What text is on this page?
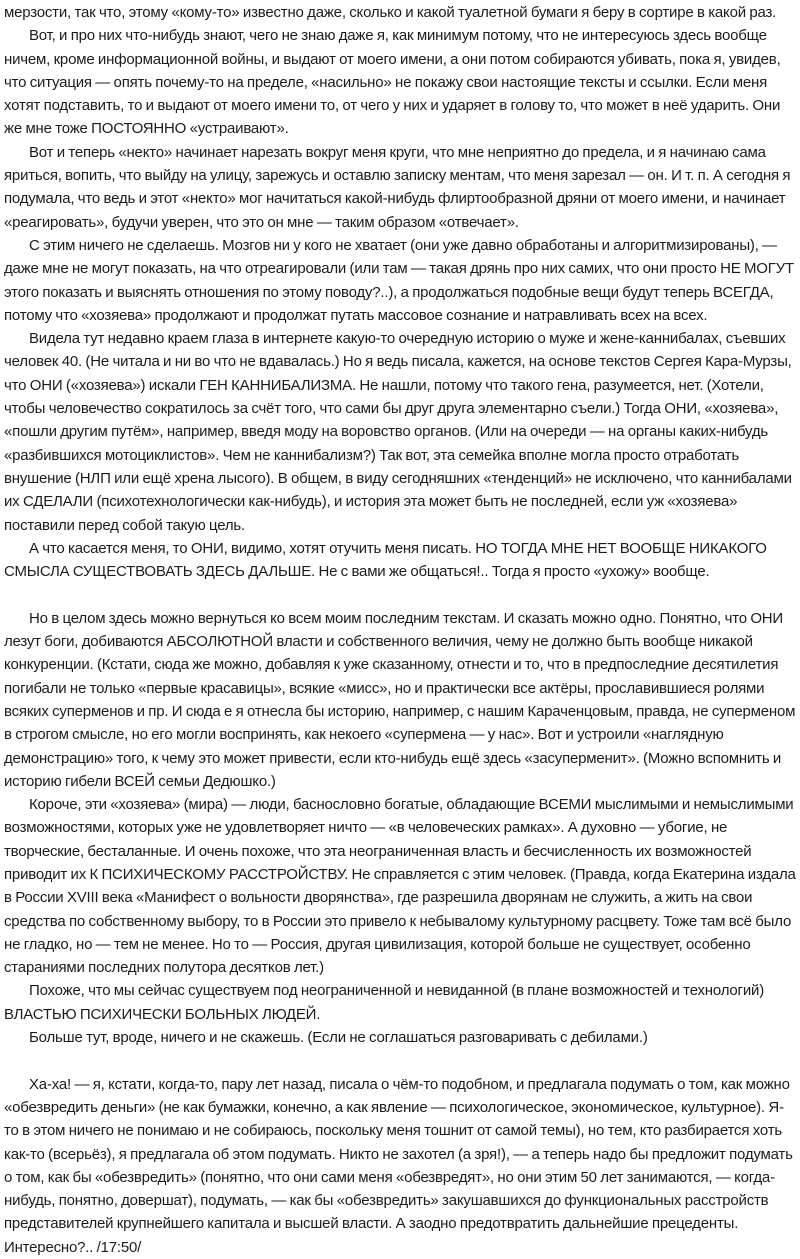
мерзости, так что, этому «кому-то» известно даже, сколько и какой туалетной бумаги я беру в сортире в какой раз.

Вот, и про них что-нибудь знают, чего не знаю даже я, как минимум потому, что не интересуюсь здесь вообще ничем, кроме информационной войны, и выдают от моего имени, а они потом собираются убивать, пока я, увидев, что ситуация — опять почему-то на пределе, «насильно» не покажу свои настоящие тексты и ссылки. Если меня хотят подставить, то и выдают от моего имени то, от чего у них и ударяет в голову то, что может в неё ударить. Они же мне тоже ПОСТОЯННО «устраивают».

Вот и теперь «некто» начинает нарезать вокруг меня круги, что мне неприятно до предела, и я начинаю сама яриться, вопить, что выйду на улицу, зарежусь и оставлю записку ментам, что меня зарезал — он. И т. п. А сегодня я подумала, что ведь и этот «некто» мог начитаться какой-нибудь флиртообразной дряни от моего имени, и начинает «реагировать», будучи уверен, что это он мне — таким образом «отвечает».

С этим ничего не сделаешь. Мозгов ни у кого не хватает (они уже давно обработаны и алгоритмизированы), — даже мне не могут показать, на что отреагировали (или там — такая дрянь про них самих, что они просто НЕ МОГУТ этого показать и выяснять отношения по этому поводу?..), а продолжаться подобные вещи будут теперь ВСЕГДА, потому что «хозяева» продолжают и продолжат путать массовое сознание и натравливать всех на всех.

Видела тут недавно краем глаза в интернете какую-то очередную историю о муже и жене-каннибалах, съевших человек 40. (Не читала и ни во что не вдавалась.) Но я ведь писала, кажется, на основе текстов Сергея Кара-Мурзы, что ОНИ («хозяева») искали ГЕН КАННИБАЛИЗМА. Не нашли, потому что такого гена, разумеется, нет. (Хотели, чтобы человечество сократилось за счёт того, что сами бы друг друга элементарно съели.) Тогда ОНИ, «хозяева», «пошли другим путём», например, введя моду на воровство органов. (Или на очереди — на органы каких-нибудь «разбившихся мотоциклистов». Чем не каннибализм?) Так вот, эта семейка вполне могла просто отработать внушение (НЛП или ещё хрена лысого). В общем, в виду сегодняшних «тенденций» не исключено, что каннибалами их СДЕЛАЛИ (психотехнологически как-нибудь), и история эта может быть не последней, если уж «хозяева» поставили перед собой такую цель.

А что касается меня, то ОНИ, видимо, хотят отучить меня писать. НО ТОГДА МНЕ НЕТ ВООБЩЕ НИКАКОГО СМЫСЛА СУЩЕСТВОВАТЬ ЗДЕСЬ ДАЛЬШЕ. Не с вами же общаться!.. Тогда я просто «ухожу» вообще.

Но в целом здесь можно вернуться ко всем моим последним текстам. И сказать можно одно. Понятно, что ОНИ лезут боги, добиваются АБСОЛЮТНОЙ власти и собственного величия, чему не должно быть вообще никакой конкуренции. (Кстати, сюда же можно, добавляя к уже сказанному, отнести и то, что в предпоследние десятилетия погибали не только «первые красавицы», всякие «мисс», но и практически все актёры, прославившиеся ролями всяких суперменов и пр. И сюда е я отнесла бы историю, например, с нашим Караченцовым, правда, не суперменом в строгом смысле, но его могли воспринять, как некоего «супермена — у нас». Вот и устроили «наглядную демонстрацию» того, к чему это может привести, если кто-нибудь ещё здесь «засуперменит». (Можно вспомнить и историю гибели ВСЕЙ семьи Дедюшко.)

Короче, эти «хозяева» (мира) — люди, баснословно богатые, обладающие ВСЕМИ мыслимыми и немыслимыми возможностями, которых уже не удовлетворяет ничто — «в человеческих рамках». А духовно — убогие, не творческие, бесталанные. И очень похоже, что эта неограниченная власть и бесчисленность их возможностей приводит их К ПСИХИЧЕСКОМУ РАССТРОЙСТВУ. Не справляется с этим человек. (Правда, когда Екатерина издала в России XVIII века «Манифест о вольности дворянства», где разрешила дворянам не служить, а жить на свои средства по собственному выбору, то в России это привело к небывалому культурному расцвету. Тоже там всё было не гладко, но — тем не менее. Но то — Россия, другая цивилизация, которой больше не существует, особенно стараниями последних полутора десятков лет.)

Похоже, что мы сейчас существуем под неограниченной и невиданной (в плане возможностей и технологий) ВЛАСТЬЮ ПСИХИЧЕСКИ БОЛЬНЫХ ЛЮДЕЙ.

Больше тут, вроде, ничего и не скажешь. (Если не соглашаться разговаривать с дебилами.)

Ха-ха! — я, кстати, когда-то, пару лет назад, писала о чём-то подобном, и предлагала подумать о том, как можно «обезвредить деньги» (не как бумажки, конечно, а как явление — психологическое, экономическое, культурное). Я-то в этом ничего не понимаю и не собираюсь, поскольку меня тошнит от самой темы), но тем, кто разбирается хоть как-то (всерьёз), я предлагала об этом подумать. Никто не захотел (а зря!), — а теперь надо бы предложит подумать о том, как бы «обезвредить» (понятно, что они сами меня «обезвредят», но они этим 50 лет занимаются, — когда-нибудь, понятно, довершат), подумать, — как бы «обезвредить» закушавшихся до функциональных расстройств представителей крупнейшего капитала и высшей власти. А заодно предотвратить дальнейшие прецеденты. Интересно?.. /17:50/
